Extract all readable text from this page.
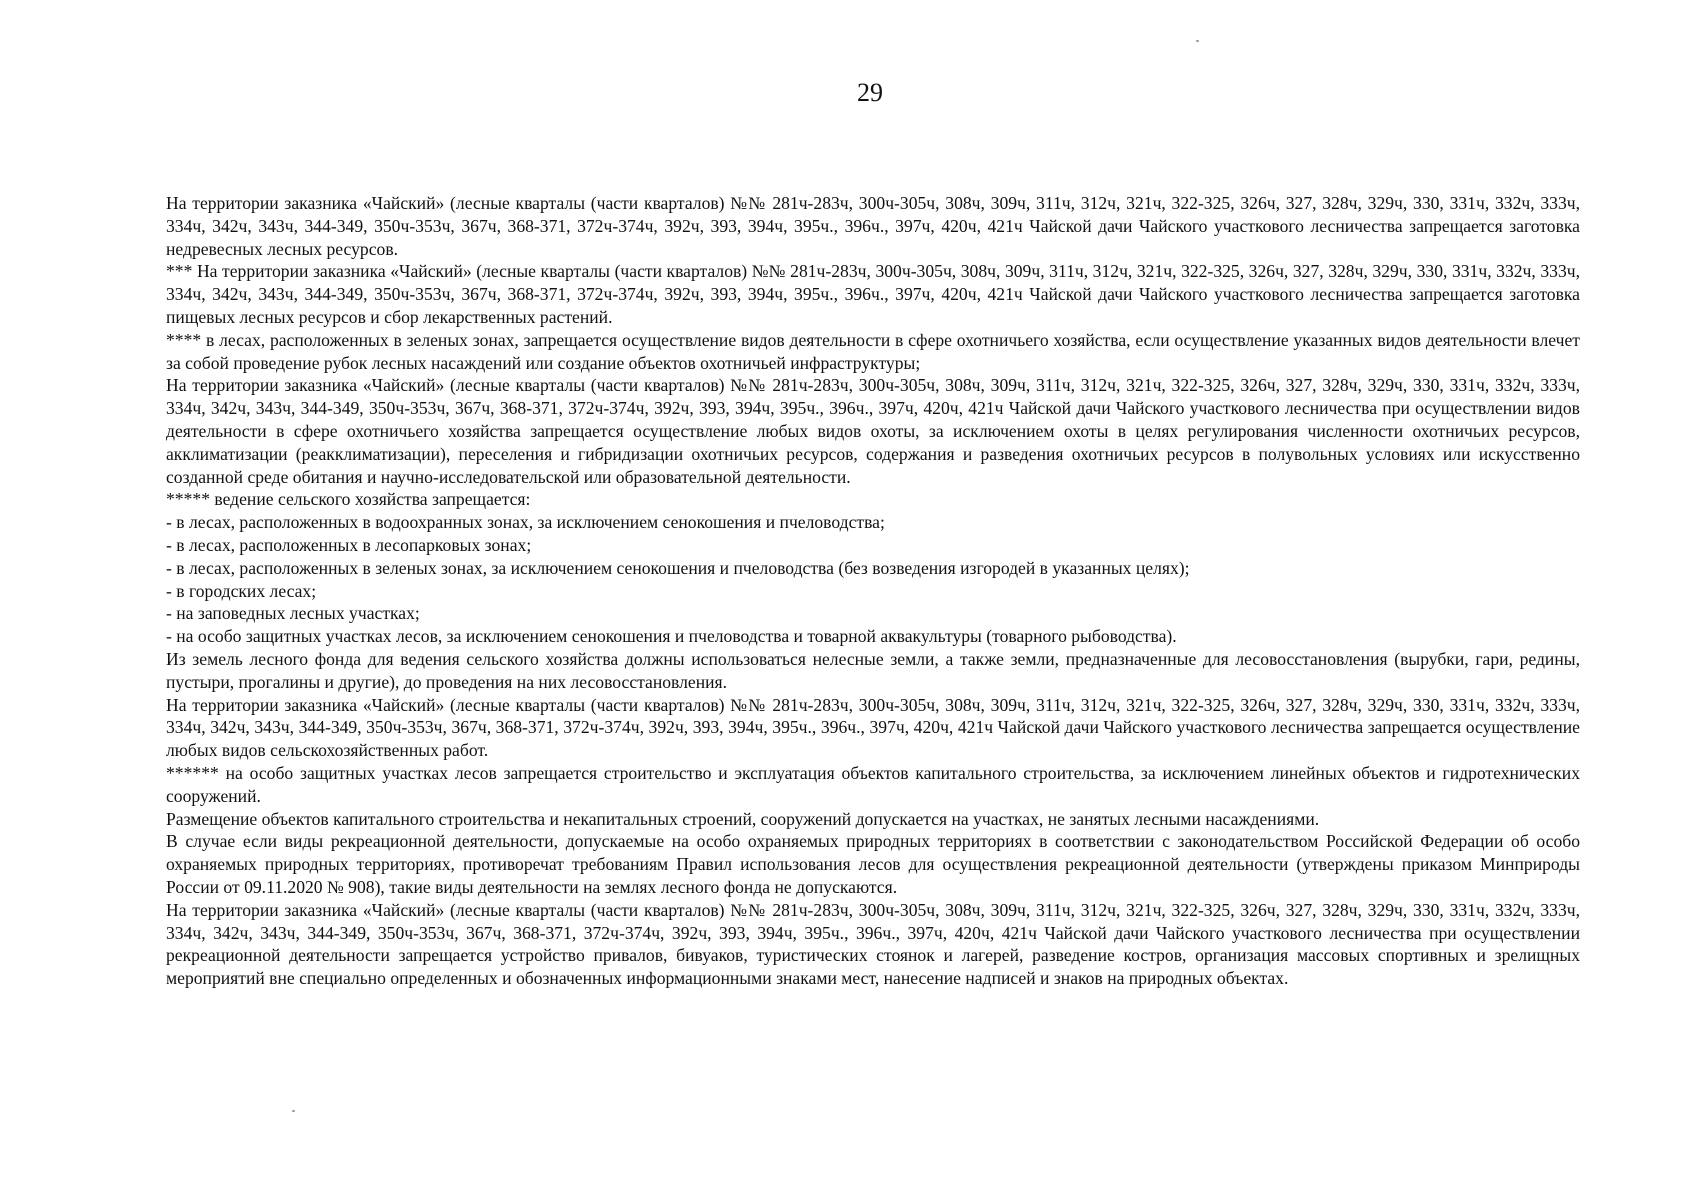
29

На территории заказника «Чайский» (лесные кварталы (части кварталов) №№ 281ч-283ч, 300ч-305ч, 308ч, 309ч, 311ч, 312ч, 321ч, 322-325, 326ч, 327, 328ч, 329ч, 330, 331ч, 332ч, 333ч, 334ч, 342ч, 343ч, 344-349, 350ч-353ч, 367ч, 368-371, 372ч-374ч, 392ч, 393, 394ч, 395ч., 396ч., 397ч, 420ч, 421ч Чайской дачи Чайского участкового лесничества запрещается заготовка недревесных лесных ресурсов.

*** На территории заказника «Чайский» (лесные кварталы (части кварталов) №№ 281ч-283ч, 300ч-305ч, 308ч, 309ч, 311ч, 312ч, 321ч, 322-325, 326ч, 327, 328ч, 329ч, 330, 331ч, 332ч, 333ч, 334ч, 342ч, 343ч, 344-349, 350ч-353ч, 367ч, 368-371, 372ч-374ч, 392ч, 393, 394ч, 395ч., 396ч., 397ч, 420ч, 421ч Чайской дачи Чайского участкового лесничества запрещается заготовка пищевых лесных ресурсов и сбор лекарственных растений.

**** в лесах, расположенных в зеленых зонах, запрещается осуществление видов деятельности в сфере охотничьего хозяйства, если осуществление указанных видов деятельности влечет за собой проведение рубок лесных насаждений или создание объектов охотничьей инфраструктуры;

На территории заказника «Чайский» (лесные кварталы (части кварталов) №№ 281ч-283ч, 300ч-305ч, 308ч, 309ч, 311ч, 312ч, 321ч, 322-325, 326ч, 327, 328ч, 329ч, 330, 331ч, 332ч, 333ч, 334ч, 342ч, 343ч, 344-349, 350ч-353ч, 367ч, 368-371, 372ч-374ч, 392ч, 393, 394ч, 395ч., 396ч., 397ч, 420ч, 421ч Чайской дачи Чайского участкового лесничества при осуществлении видов деятельности в сфере охотничьего хозяйства запрещается осуществление любых видов охоты, за исключением охоты в целях регулирования численности охотничьих ресурсов, акклиматизации (реакклиматизации), переселения и гибридизации охотничьих ресурсов, содержания и разведения охотничьих ресурсов в полувольных условиях или искусственно созданной среде обитания и научно-исследовательской или образовательной деятельности.

***** ведение сельского хозяйства запрещается:

- в лесах, расположенных в водоохранных зонах, за исключением сенокошения и пчеловодства;

- в лесах, расположенных в лесопарковых зонах;

- в лесах, расположенных в зеленых зонах, за исключением сенокошения и пчеловодства (без возведения изгородей в указанных целях);

- в городских лесах;

- на заповедных лесных участках;

- на особо защитных участках лесов, за исключением сенокошения и пчеловодства и товарной аквакультуры (товарного рыбоводства).

Из земель лесного фонда для ведения сельского хозяйства должны использоваться нелесные земли, а также земли, предназначенные для лесовосстановления (вырубки, гари, редины, пустыри, прогалины и другие), до проведения на них лесовосстановления.

На территории заказника «Чайский» (лесные кварталы (части кварталов) №№ 281ч-283ч, 300ч-305ч, 308ч, 309ч, 311ч, 312ч, 321ч, 322-325, 326ч, 327, 328ч, 329ч, 330, 331ч, 332ч, 333ч, 334ч, 342ч, 343ч, 344-349, 350ч-353ч, 367ч, 368-371, 372ч-374ч, 392ч, 393, 394ч, 395ч., 396ч., 397ч, 420ч, 421ч Чайской дачи Чайского участкового лесничества запрещается осуществление любых видов сельскохозяйственных работ.

****** на особо защитных участках лесов запрещается строительство и эксплуатация объектов капитального строительства, за исключением линейных объектов и гидротехнических сооружений.

Размещение объектов капитального строительства и некапитальных строений, сооружений допускается на участках, не занятых лесными насаждениями.

В случае если виды рекреационной деятельности, допускаемые на особо охраняемых природных территориях в соответствии с законодательством Российской Федерации об особо охраняемых природных территориях, противоречат требованиям Правил использования лесов для осуществления рекреационной деятельности (утверждены приказом Минприроды России от 09.11.2020 № 908), такие виды деятельности на землях лесного фонда не допускаются.

На территории заказника «Чайский» (лесные кварталы (части кварталов) №№ 281ч-283ч, 300ч-305ч, 308ч, 309ч, 311ч, 312ч, 321ч, 322-325, 326ч, 327, 328ч, 329ч, 330, 331ч, 332ч, 333ч, 334ч, 342ч, 343ч, 344-349, 350ч-353ч, 367ч, 368-371, 372ч-374ч, 392ч, 393, 394ч, 395ч., 396ч., 397ч, 420ч, 421ч Чайской дачи Чайского участкового лесничества при осуществлении рекреационной деятельности запрещается устройство привалов, бивуаков, туристических стоянок и лагерей, разведение костров, организация массовых спортивных и зрелищных мероприятий вне специально определенных и обозначенных информационными знаками мест, нанесение надписей и знаков на природных объектах.
